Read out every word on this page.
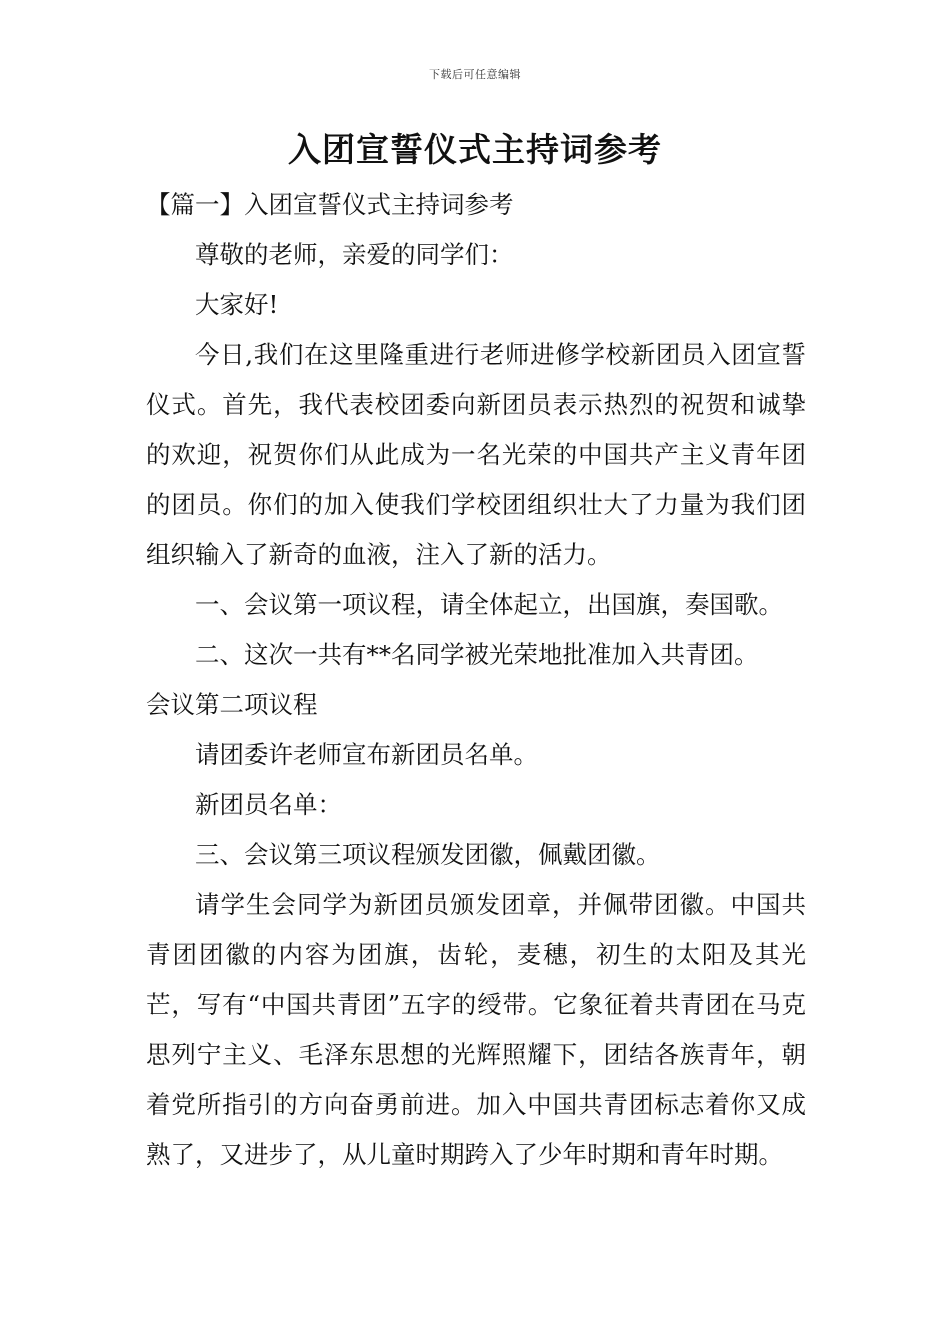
下载后可任意编辑
入团宣誓仪式主持词参考

【篇一】入团宣誓仪式主持词参考

尊敬的老师，亲爱的同学们：

大家好!

今日,我们在这里隆重进行老师进修学校新团员入团宣誓仪式。首先，我代表校团委向新团员表示热烈的祝贺和诚挚的欢迎，祝贺你们从此成为一名光荣的中国共产主义青年团的团员。你们的加入使我们学校团组织壮大了力量为我们团组织输入了新奇的血液，注入了新的活力。

一、会议第一项议程，请全体起立，出国旗，奏国歌。

二、这次一共有**名同学被光荣地批准加入共青团。

会议第二项议程

请团委许老师宣布新团员名单。

新团员名单：

三、会议第三项议程颁发团徽，佩戴团徽。

请学生会同学为新团员颁发团章，并佩带团徽。中国共青团团徽的内容为团旗，齿轮，麦穗，初生的太阳及其光芒，写有“中国共青团”五字的绶带。它象征着共青团在马克思列宁主义、毛泽东思想的光辉照耀下，团结各族青年，朝着党所指引的方向奋勇前进。加入中国共青团标志着你又成熟了，又进步了，从儿童时期跨入了少年时期和青年时期。
